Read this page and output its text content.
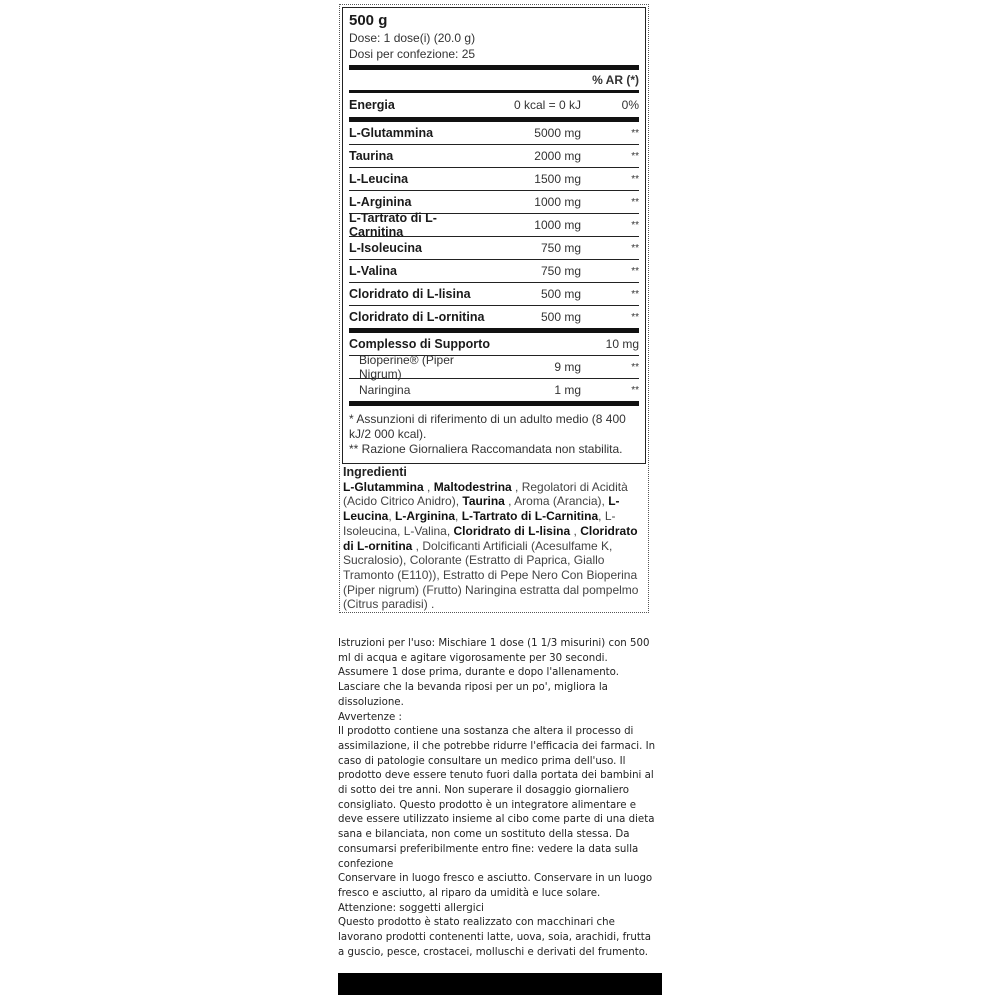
500 g
Dose: 1 dose(i) (20.0 g)
Dosi per confezione: 25
% AR (*)
Energia	0 kcal = 0 kJ	0%
L-Glutammina	5000 mg	**
Taurina	2000 mg	**
L-Leucina	1500 mg	**
L-Arginina	1000 mg	**
L-Tartrato di L-Carnitina	1000 mg	**
L-Isoleucina	750 mg	**
L-Valina	750 mg	**
Cloridrato di L-lisina	500 mg	**
Cloridrato di L-ornitina	500 mg	**
Complesso di Supporto	10 mg
Bioperine® (Piper Nigrum)	9 mg	**
Naringina	1 mg	**
* Assunzioni di riferimento di un adulto medio (8 400 kJ/2 000 kcal).
** Razione Giornaliera Raccomandata non stabilita.
Ingredienti
L-Glutammina , Maltodestrina , Regolatori di Acidità (Acido Citrico Anidro), Taurina , Aroma (Arancia), L-Leucina, L-Arginina, L-Tartrato di L-Carnitina, L-Isoleucina, L-Valina, Cloridrato di L-lisina , Cloridrato di L-ornitina , Dolcificanti Artificiali (Acesulfame K, Sucralosio), Colorante (Estratto di Paprica, Giallo Tramonto (E110)), Estratto di Pepe Nero Con Bioperina (Piper nigrum) (Frutto) Naringina estratta dal pompelmo (Citrus paradisi) .
Istruzioni per l'uso: Mischiare 1 dose (1 1/3 misurini) con 500 ml di acqua e agitare vigorosamente per 30 secondi. Assumere 1 dose prima, durante e dopo l'allenamento. Lasciare che la bevanda riposi per un po', migliora la dissoluzione.
Avvertenze :
Il prodotto contiene una sostanza che altera il processo di assimilazione, il che potrebbe ridurre l'efficacia dei farmaci. In caso di patologie consultare un medico prima dell'uso. Il prodotto deve essere tenuto fuori dalla portata dei bambini al di sotto dei tre anni. Non superare il dosaggio giornaliero consigliato. Questo prodotto è un integratore alimentare e deve essere utilizzato insieme al cibo come parte di una dieta sana e bilanciata, non come un sostituto della stessa. Da consumarsi preferibilmente entro fine: vedere la data sulla confezione
Conservare in luogo fresco e asciutto. Conservare in un luogo fresco e asciutto, al riparo da umidità e luce solare.
Attenzione: soggetti allergici
Questo prodotto è stato realizzato con macchinari che lavorano prodotti contenenti latte, uova, soia, arachidi, frutta a guscio, pesce, crostacei, molluschi e derivati del frumento.
